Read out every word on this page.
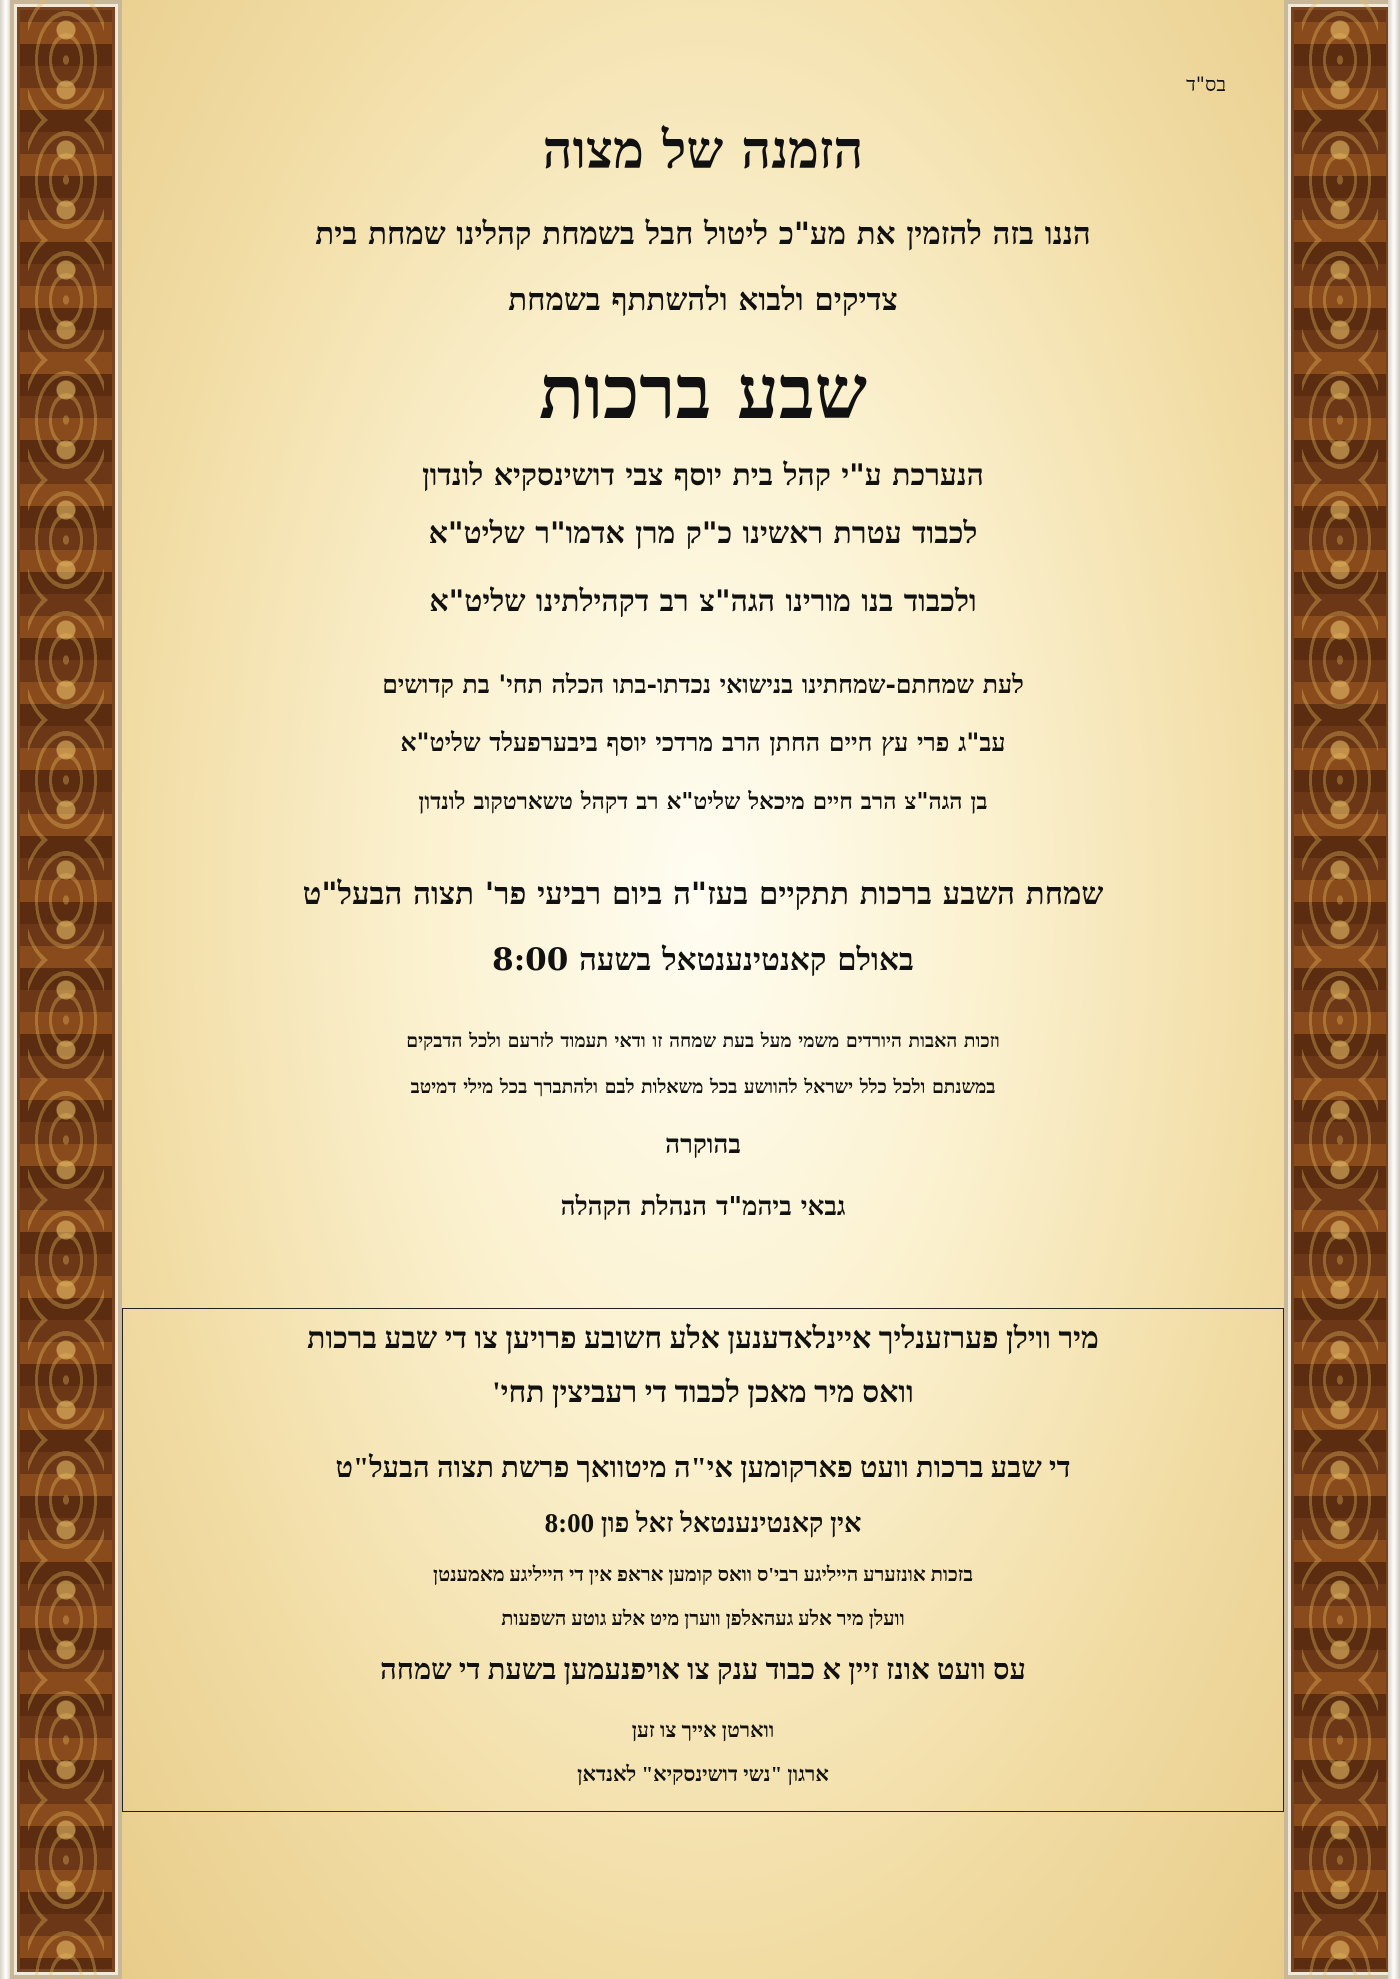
בס"ד
הזמנה של מצוה
הננו בזה להזמין את מע"כ ליטול חבל בשמחת קהלינו שמחת בית
צדיקים ולבוא ולהשתתף בשמחת
שבע ברכות
הנערכת ע"י קהל בית יוסף צבי דושינסקיא לונדון
לכבוד עטרת ראשינו כ"ק מרן אדמו"ר שליט"א
ולכבוד בנו מורינו הגה"צ רב דקהילתינו שליט"א
לעת שמחתם-שמחתינו בנישואי נכדתו-בתו הכלה תחי' בת קדושים
עב"ג פרי עץ חיים החתן הרב מרדכי יוסף ביבערפעלד שליט"א
בן הגה"צ הרב חיים מיכאל שליט"א רב דקהל טשארטקוב לונדון
שמחת השבע ברכות תתקיים בעז"ה ביום רביעי פר' תצוה הבעל"ט
באולם קאנטינענטאל בשעה 8:00
וזכות האבות היורדים משמי מעל בעת שמחה זו ודאי תעמוד לזרעם ולכל הדבקים
במשנתם ולכל כלל ישראל להוושע בכל משאלות לבם ולהתברך בכל מילי דמיטב
בהוקרה
גבאי ביהמ"ד הנהלת הקהלה
מיר ווילן פערזענליך איינלאדענען אלע חשובע פרויען צו די שבע ברכות
וואס מיר מאכן לכבוד די רעביצין תחי'
די שבע ברכות וועט פארקומען אי"ה מיטוואך פרשת תצוה הבעל"ט
אין קאנטינענטאל זאל פון 8:00
בזכות אונזערע הייליגע רבי'ס וואס קומען אראפ אין די הייליגע מאמענטן
וועלן מיר אלע געהאלפן ווערן מיט אלע גוטע השפעות
עס וועט אונז זיין א כבוד ענק צו אויפנעמען בשעת די שמחה
ווארטן אייך צו זען
ארגון "נשי דושינסקיא" לאנדאן
